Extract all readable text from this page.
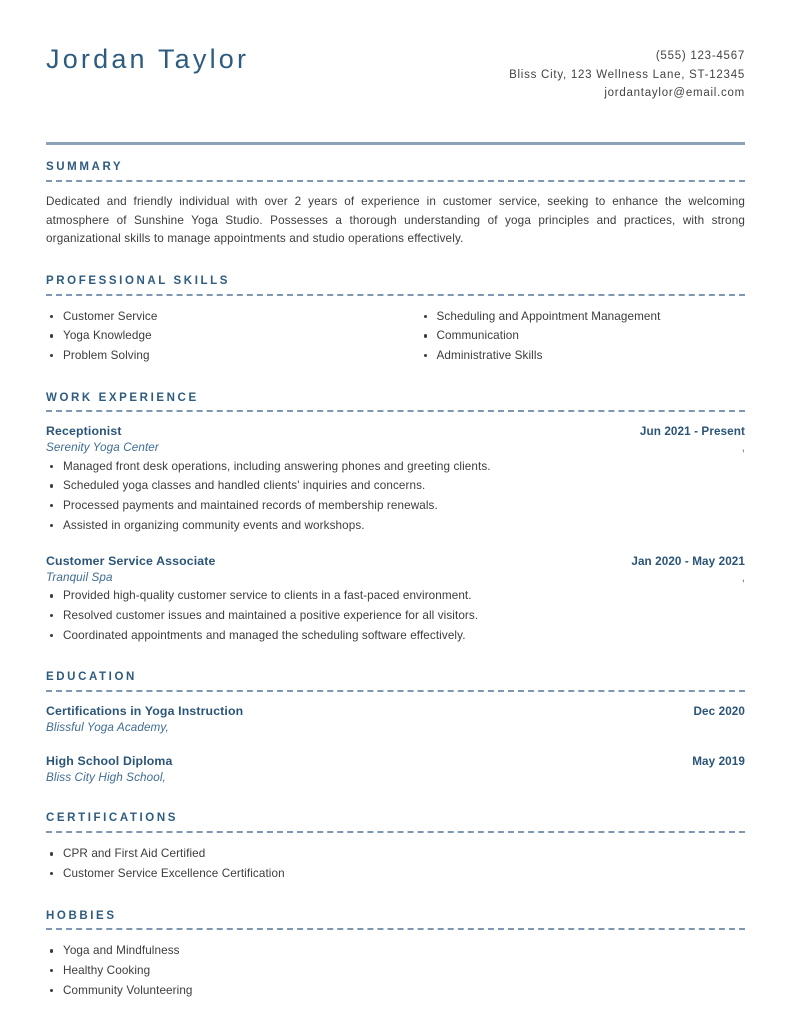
Jordan Taylor	(555) 123-4567
Bliss City, 123 Wellness Lane, ST-12345
jordantaylor@email.com
SUMMARY

Dedicated and friendly individual with over 2 years of experience in customer service, seeking to enhance the welcoming atmosphere of Sunshine Yoga Studio. Possesses a thorough understanding of yoga principles and practices, with strong organizational skills to manage appointments and studio operations effectively.

PROFESSIONAL SKILLS
Customer Service
Yoga Knowledge
Problem Solving
Scheduling and Appointment Management
Communication
Administrative Skills
WORK EXPERIENCE
Receptionist	Jun 2021 - Present
Serenity Yoga Center	,
Managed front desk operations, including answering phones and greeting clients.
Scheduled yoga classes and handled clients' inquiries and concerns.
Processed payments and maintained records of membership renewals.
Assisted in organizing community events and workshops.
Customer Service Associate	Jan 2020 - May 2021
Tranquil Spa	,
Provided high-quality customer service to clients in a fast-paced environment.
Resolved customer issues and maintained a positive experience for all visitors.
Coordinated appointments and managed the scheduling software effectively.
EDUCATION
Certifications in Yoga Instruction	Dec 2020
Blissful Yoga Academy,
High School Diploma	May 2019
Bliss City High School,
CERTIFICATIONS
CPR and First Aid Certified
Customer Service Excellence Certification
HOBBIES
Yoga and Mindfulness
Healthy Cooking
Community Volunteering
